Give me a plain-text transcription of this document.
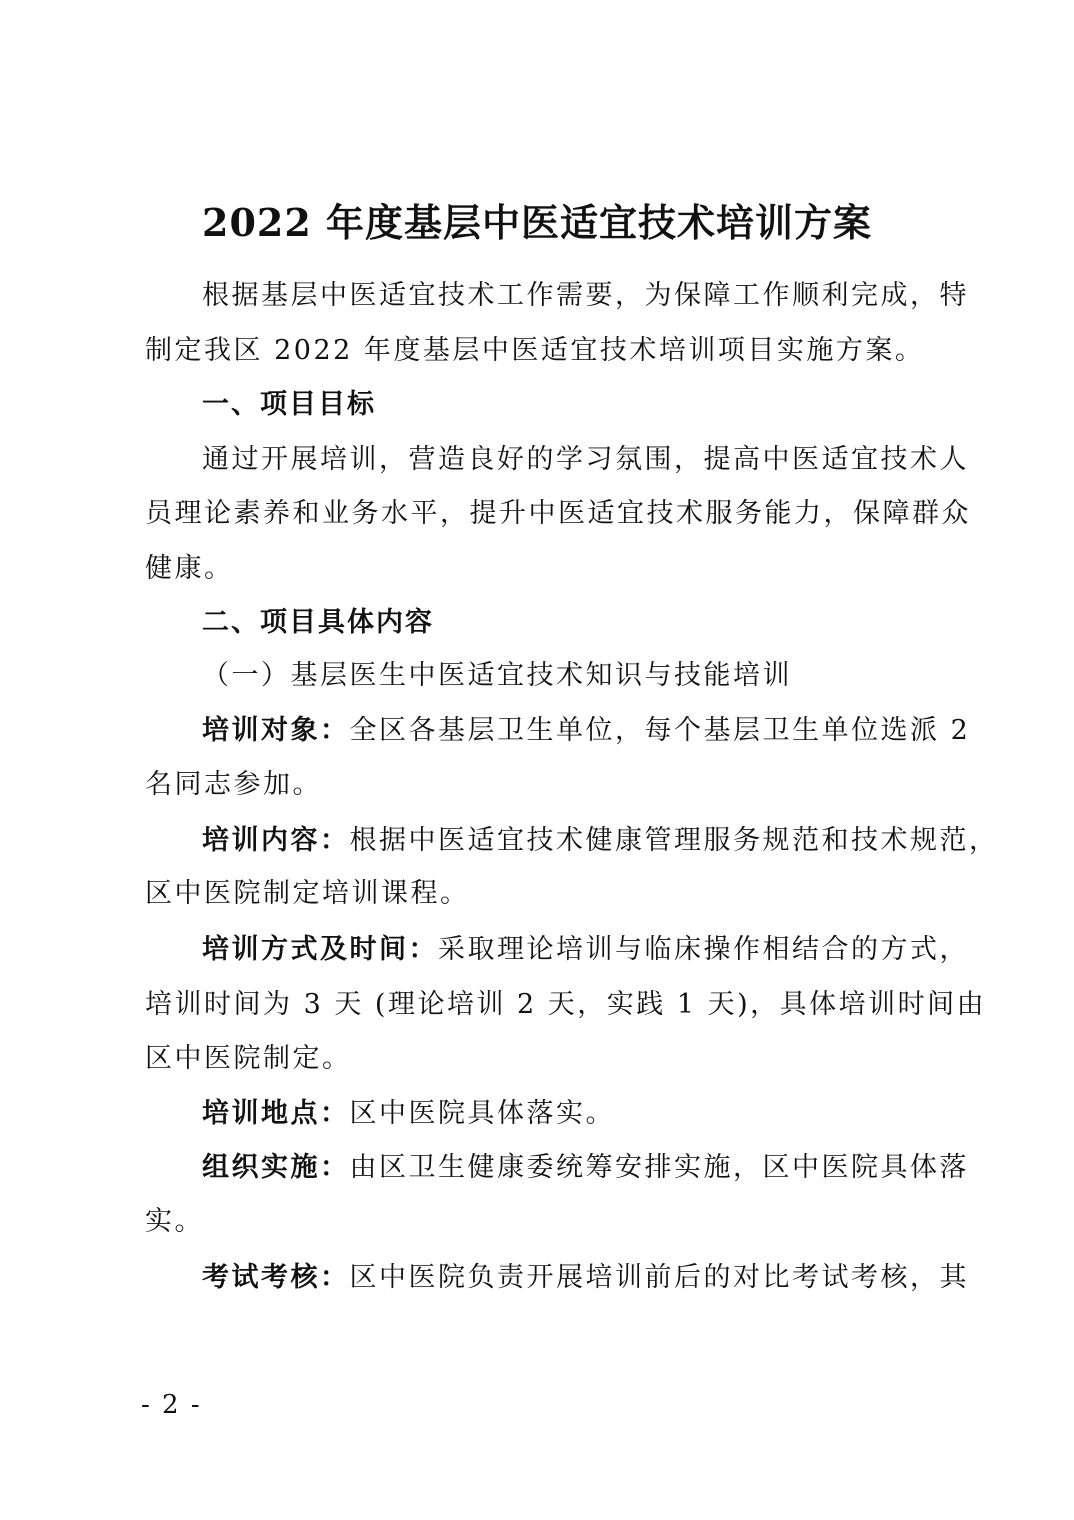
2022 年度基层中医适宜技术培训方案
根据基层中医适宜技术工作需要，为保障工作顺利完成，特
制定我区 2022 年度基层中医适宜技术培训项目实施方案。
一、项目目标
通过开展培训，营造良好的学习氛围，提高中医适宜技术人
员理论素养和业务水平，提升中医适宜技术服务能力，保障群众
健康。
二、项目具体内容
（一）基层医生中医适宜技术知识与技能培训
培训对象：全区各基层卫生单位，每个基层卫生单位选派 2
名同志参加。
培训内容：根据中医适宜技术健康管理服务规范和技术规范，
区中医院制定培训课程。
培训方式及时间：采取理论培训与临床操作相结合的方式，
培训时间为 3 天 (理论培训 2 天，实践 1 天)，具体培训时间由
区中医院制定。
培训地点：区中医院具体落实。
组织实施：由区卫生健康委统筹安排实施，区中医院具体落
实。
考试考核：区中医院负责开展培训前后的对比考试考核，其
- 2 -
